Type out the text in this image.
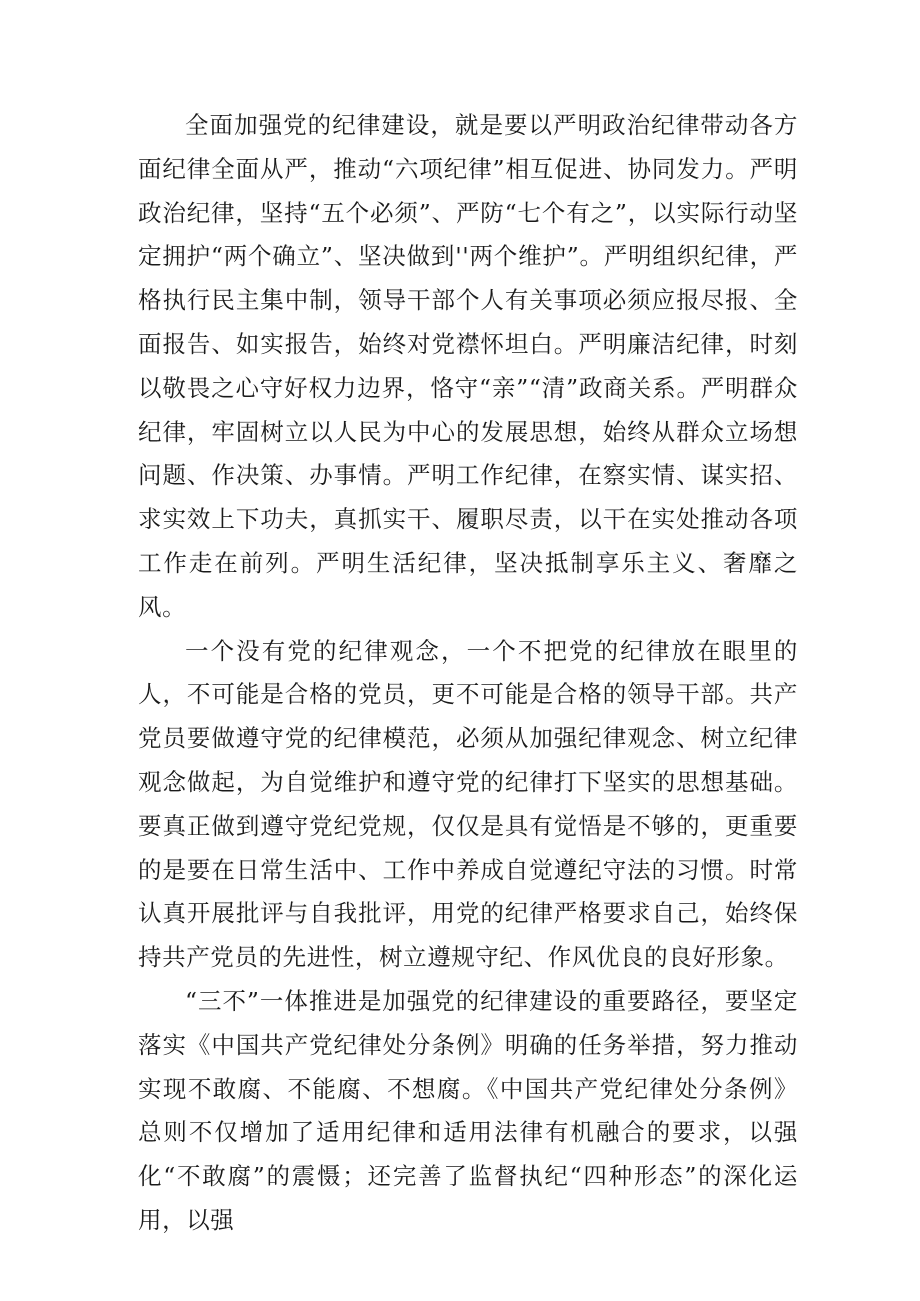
全面加强党的纪律建设，就是要以严明政治纪律带动各方面纪律全面从严，推动“六项纪律”相互促进、协同发力。严明政治纪律，坚持“五个必须”、严防“七个有之”，以实际行动坚定拥护“两个确立”、坚决做到''两个维护”。严明组织纪律，严格执行民主集中制，领导干部个人有关事项必须应报尽报、全面报告、如实报告，始终对党襟怀坦白。严明廉洁纪律，时刻以敬畏之心守好权力边界，恪守“亲”“清”政商关系。严明群众纪律，牢固树立以人民为中心的发展思想，始终从群众立场想问题、作决策、办事情。严明工作纪律，在察实情、谋实招、求实效上下功夫，真抓实干、履职尽责，以干在实处推动各项工作走在前列。严明生活纪律，坚决抵制享乐主义、奢靡之风。

一个没有党的纪律观念，一个不把党的纪律放在眼里的人，不可能是合格的党员，更不可能是合格的领导干部。共产党员要做遵守党的纪律模范，必须从加强纪律观念、树立纪律观念做起，为自觉维护和遵守党的纪律打下坚实的思想基础。要真正做到遵守党纪党规，仅仅是具有觉悟是不够的，更重要的是要在日常生活中、工作中养成自觉遵纪守法的习惯。时常认真开展批评与自我批评，用党的纪律严格要求自己，始终保持共产党员的先进性，树立遵规守纪、作风优良的良好形象。

“三不”一体推进是加强党的纪律建设的重要路径，要坚定落实《中国共产党纪律处分条例》明确的任务举措，努力推动实现不敢腐、不能腐、不想腐。《中国共产党纪律处分条例》总则不仅增加了适用纪律和适用法律有机融合的要求，以强化“不敢腐”的震慑；还完善了监督执纪“四种形态”的深化运用，以强
